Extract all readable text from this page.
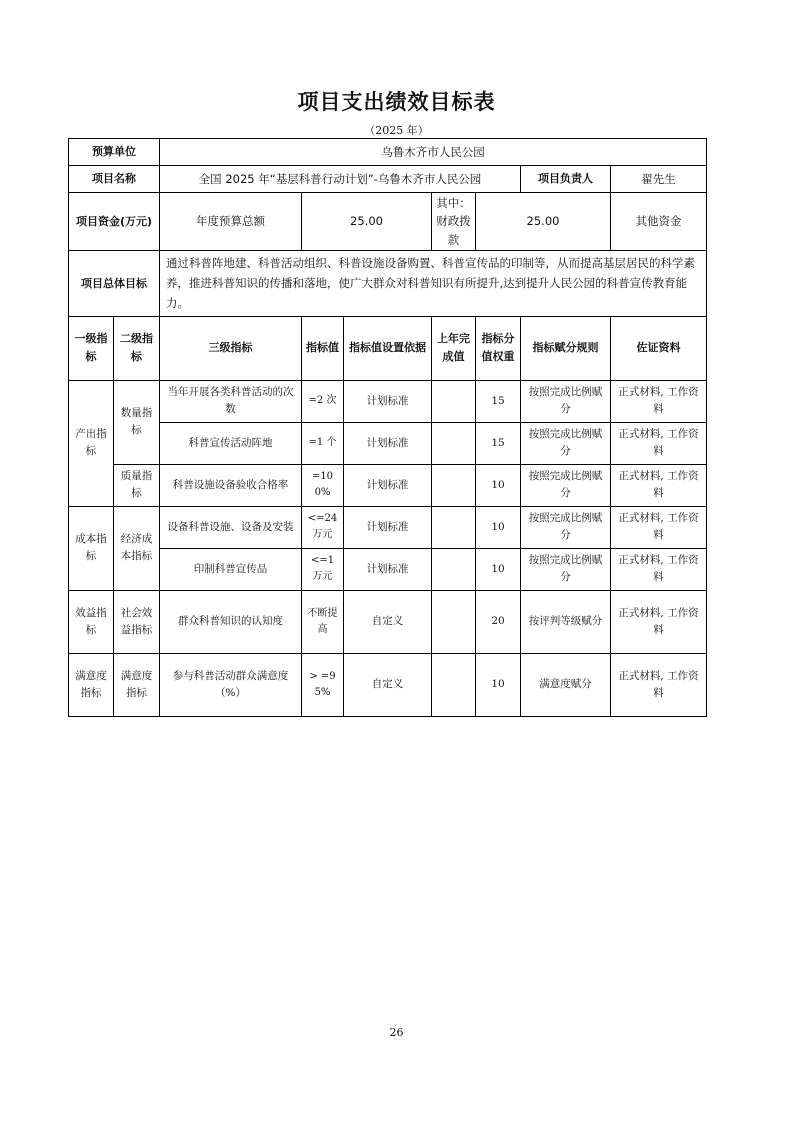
项目支出绩效目标表
（2025 年）
预算单位		乌鲁木齐市人民公园							
项目名称		全国 2025 年“基层科普行动计划”-乌鲁木齐市人民公园					项目负责人	翟先生	
项目资金(万元)		年度预算总额	25.00		其中：财政拨款	25.00		其他资金	
项目总体目标		通过科普阵地建、科普活动组织、科普设施设备购置、科普宣传品的印制等，从而提高基层居民的科学素养，推进科普知识的传播和落地，使广大群众对科普知识有所提升,达到提升人民公园的科普宣传教育能力。							
一级指标	二级指标	三级指标	指标值	指标值设置依据	上年完成值	指标分值权重	指标赋分规则	佐证资料	
产出指标	数量指标	当年开展各类科普活动的次数	=2 次	计划标准		15	按照完成比例赋分	正式材料, 工作资料	
		科普宣传活动阵地	=1 个	计划标准		15	按照完成比例赋分	正式材料, 工作资料	
	质量指标	科普设施设备验收合格率	=100%	计划标准		10	按照完成比例赋分	正式材料, 工作资料	
成本指标	经济成本指标	设备科普设施、设备及安装	<=24 万元	计划标准		10	按照完成比例赋分	正式材料, 工作资料	
		印制科普宣传品	<=1 万元	计划标准		10	按照完成比例赋分	正式材料, 工作资料	
效益指标	社会效益指标	群众科普知识的认知度	不断提高	自定义		20	按评判等级赋分	正式材料, 工作资料	
满意度指标	满意度指标	参与科普活动群众满意度（%）	> =95%	自定义		10	满意度赋分	正式材料, 工作资料	
26
